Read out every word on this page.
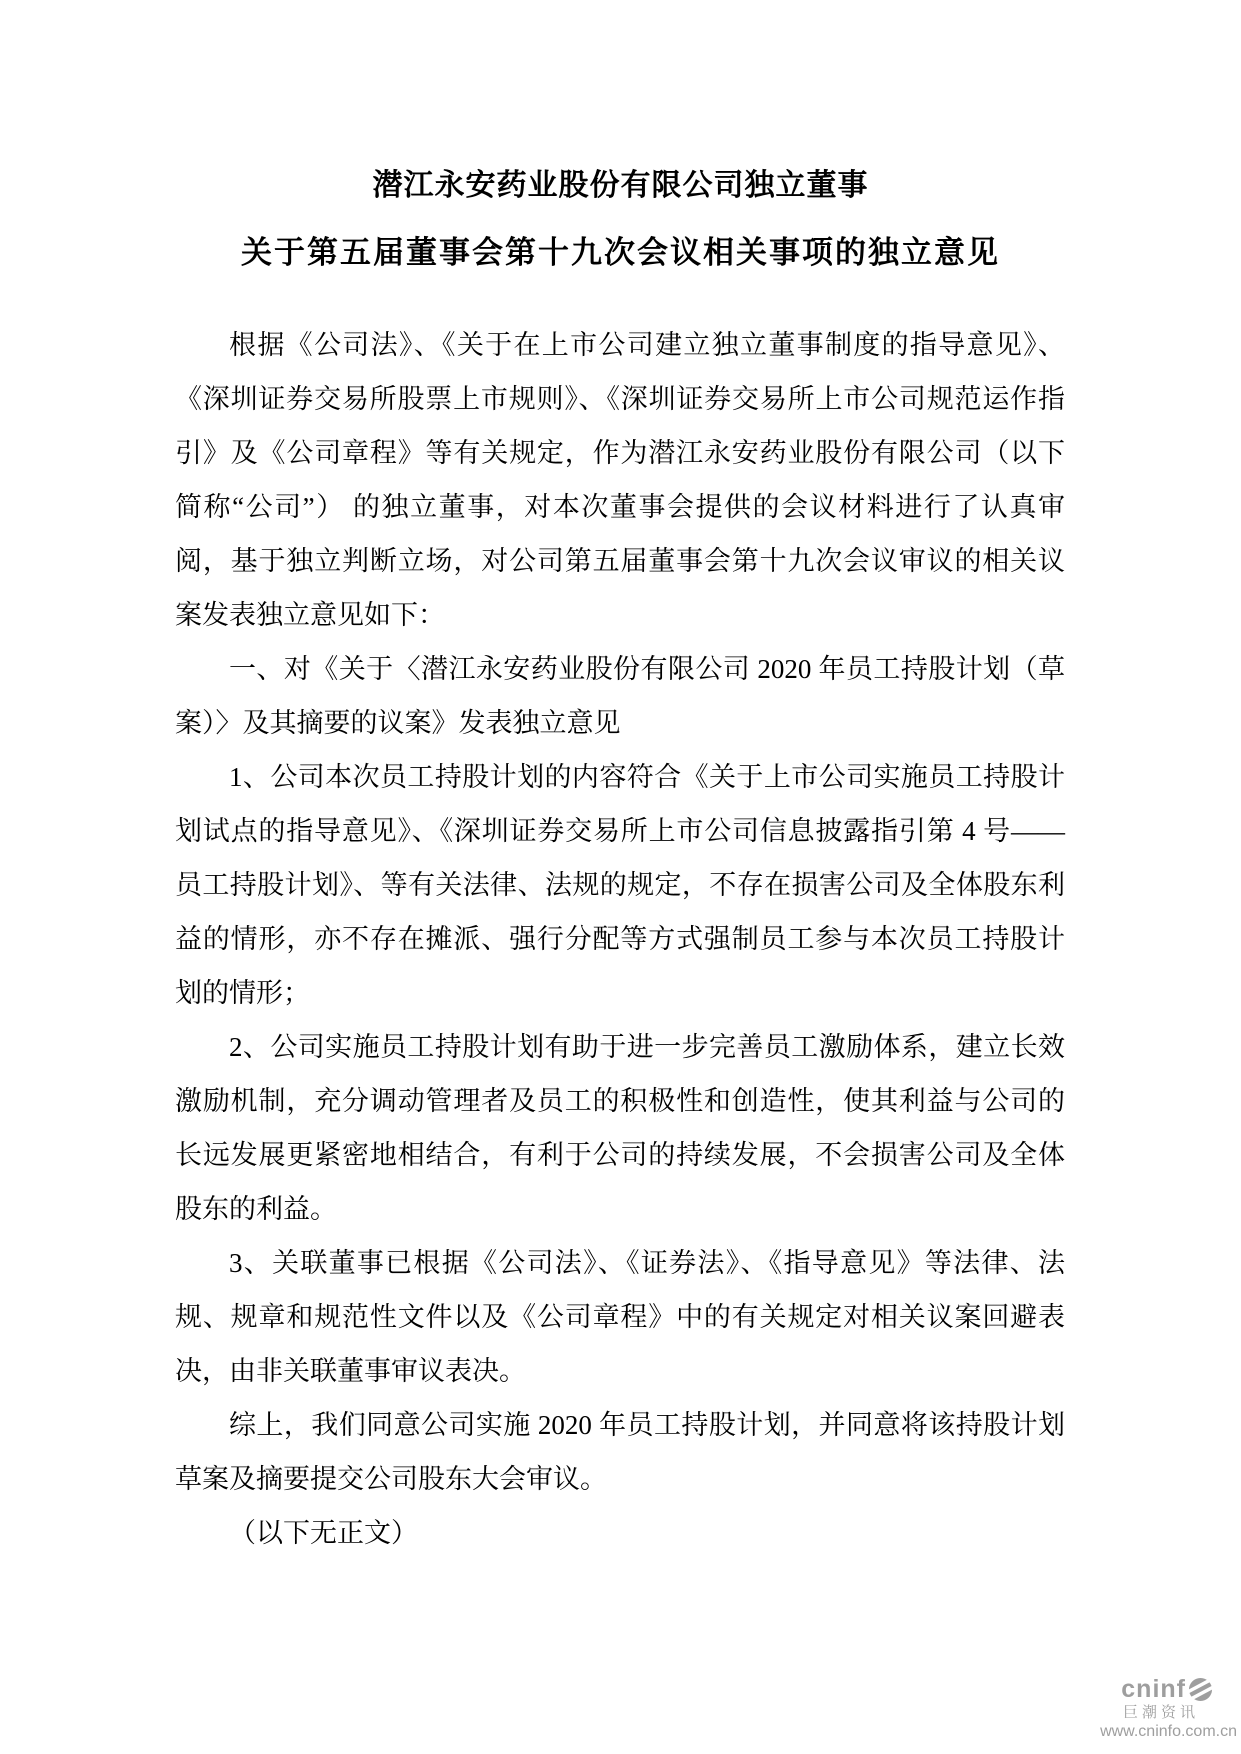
潜江永安药业股份有限公司独立董事
关于第五届董事会第十九次会议相关事项的独立意见

根据《公司法》、《关于在上市公司建立独立董事制度的指导意见》、《深圳证券交易所股票上市规则》、《深圳证券交易所上市公司规范运作指引》及《公司章程》等有关规定，作为潜江永安药业股份有限公司（以下简称“公司”） 的独立董事，对本次董事会提供的会议材料进行了认真审阅，基于独立判断立场，对公司第五届董事会第十九次会议审议的相关议案发表独立意见如下：

一、对《关于〈潜江永安药业股份有限公司 2020 年员工持股计划（草案）〉及其摘要的议案》发表独立意见

1、公司本次员工持股计划的内容符合《关于上市公司实施员工持股计划试点的指导意见》、《深圳证券交易所上市公司信息披露指引第 4 号——员工持股计划》、等有关法律、法规的规定，不存在损害公司及全体股东利益的情形，亦不存在摊派、强行分配等方式强制员工参与本次员工持股计划的情形；

2、公司实施员工持股计划有助于进一步完善员工激励体系，建立长效激励机制，充分调动管理者及员工的积极性和创造性，使其利益与公司的长远发展更紧密地相结合，有利于公司的持续发展，不会损害公司及全体股东的利益。

3、关联董事已根据《公司法》、《证券法》、《指导意见》等法律、法规、规章和规范性文件以及《公司章程》中的有关规定对相关议案回避表决，由非关联董事审议表决。

综上，我们同意公司实施 2020 年员工持股计划，并同意将该持股计划草案及摘要提交公司股东大会审议。

（以下无正文）

cninf
巨潮资讯
www.cninfo.com.cn
